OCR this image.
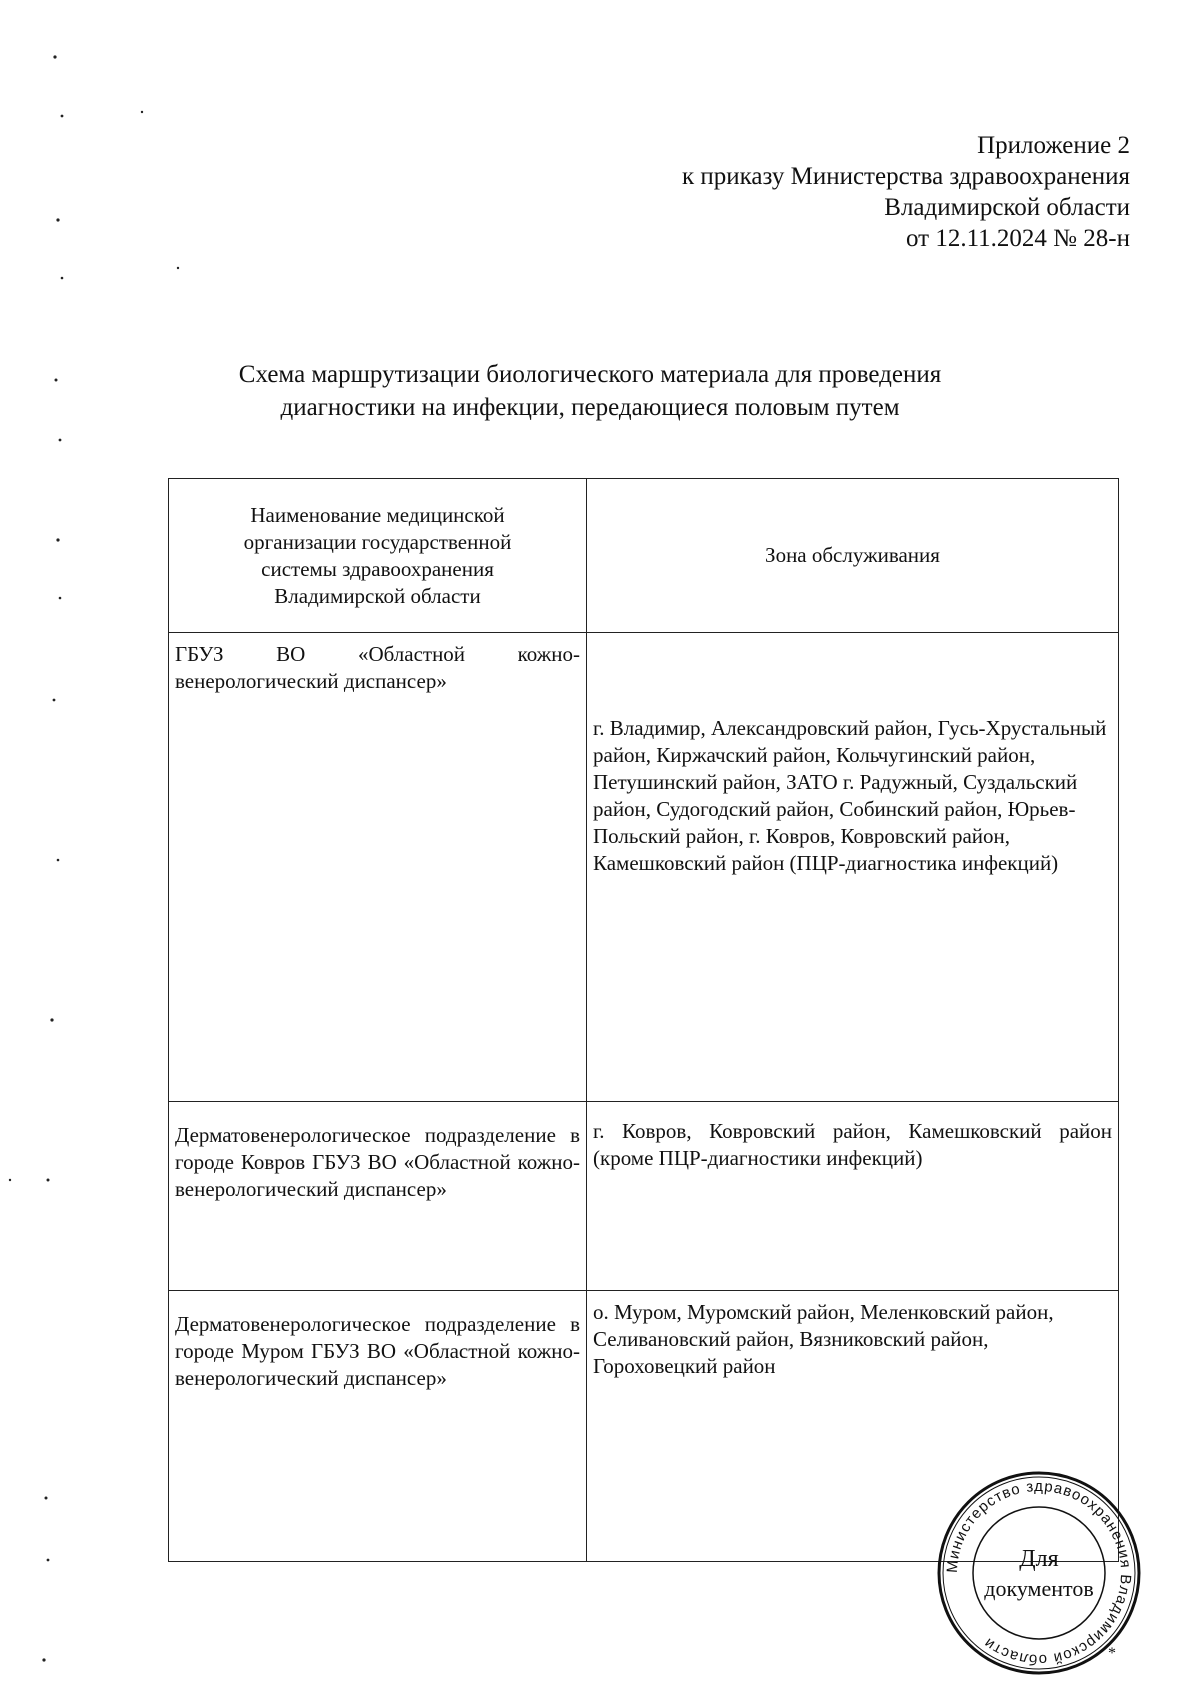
Приложение 2
к приказу Министерства здравоохранения
Владимирской области
от 12.11.2024 № 28-н
Схема маршрутизации биологического материала для проведения
диагностики на инфекции, передающиеся половым путем
Наименование медицинской организации государственной системы здравоохранения Владимирской области	Зона обслуживания
ГБУЗ ВО «Областной кожно-венерологический диспансер»	г. Владимир, Александровский район, Гусь-Хрустальный район, Киржачский район, Кольчугинский район, Петушинский район, ЗАТО г. Радужный, Суздальский район, Судогодский район, Собинский район, Юрьев-Польский район, г. Ковров, Ковровский район, Камешковский район (ПЦР-диагностика инфекций)
Дерматовенерологическое подразделение в городе Ковров ГБУЗ ВО «Областной кожно-венерологический диспансер»	г. Ковров, Ковровский район, Камешковский район (кроме ПЦР-диагностики инфекций)
Дерматовенерологическое подразделение в городе Муром ГБУЗ ВО «Областной кожно-венерологический диспансер»	о. Муром, Муромский район, Меленковский район, Селивановский район, Вязниковский район, Гороховецкий район
Министерство здравоохранения Владимирской области
*
Для
документов
